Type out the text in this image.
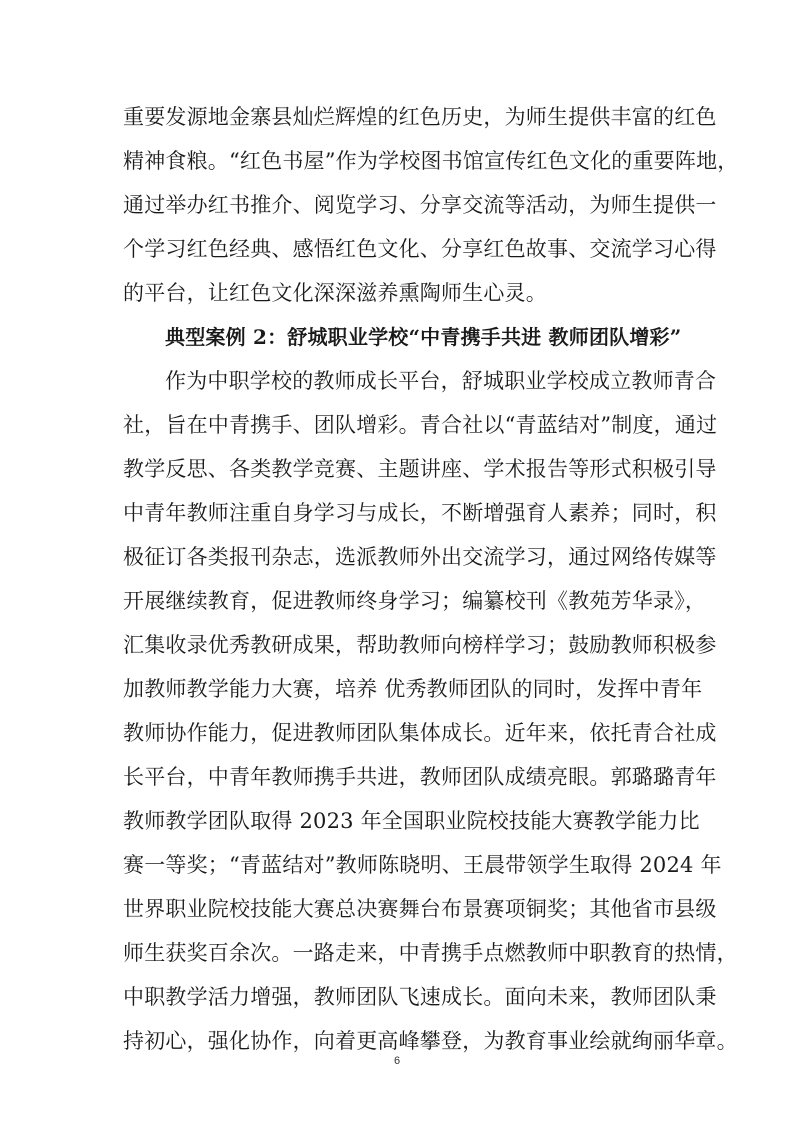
重要发源地金寨县灿烂辉煌的红色历史，为师生提供丰富的红色
精神食粮。“红色书屋”作为学校图书馆宣传红色文化的重要阵地，
通过举办红书推介、阅览学习、分享交流等活动，为师生提供一
个学习红色经典、感悟红色文化、分享红色故事、交流学习心得
的平台，让红色文化深深滋养熏陶师生心灵。
典型案例 2：舒城职业学校“中青携手共进 教师团队增彩”
作为中职学校的教师成长平台，舒城职业学校成立教师青合
社，旨在中青携手、团队增彩。青合社以“青蓝结对”制度，通过
教学反思、各类教学竞赛、主题讲座、学术报告等形式积极引导
中青年教师注重自身学习与成长，不断增强育人素养；同时，积
极征订各类报刊杂志，选派教师外出交流学习，通过网络传媒等
开展继续教育，促进教师终身学习；编纂校刊《教苑芳华录》，
汇集收录优秀教研成果，帮助教师向榜样学习；鼓励教师积极参
加教师教学能力大赛，培养 优秀教师团队的同时，发挥中青年
教师协作能力，促进教师团队集体成长。近年来，依托青合社成
长平台，中青年教师携手共进，教师团队成绩亮眼。郭璐璐青年
教师教学团队取得 2023 年全国职业院校技能大赛教学能力比
赛一等奖；“青蓝结对”教师陈晓明、王晨带领学生取得 2024 年
世界职业院校技能大赛总决赛舞台布景赛项铜奖；其他省市县级
师生获奖百余次。一路走来，中青携手点燃教师中职教育的热情，
中职教学活力增强，教师团队飞速成长。面向未来，教师团队秉
持初心，强化协作，向着更高峰攀登，为教育事业绘就绚丽华章。
6
